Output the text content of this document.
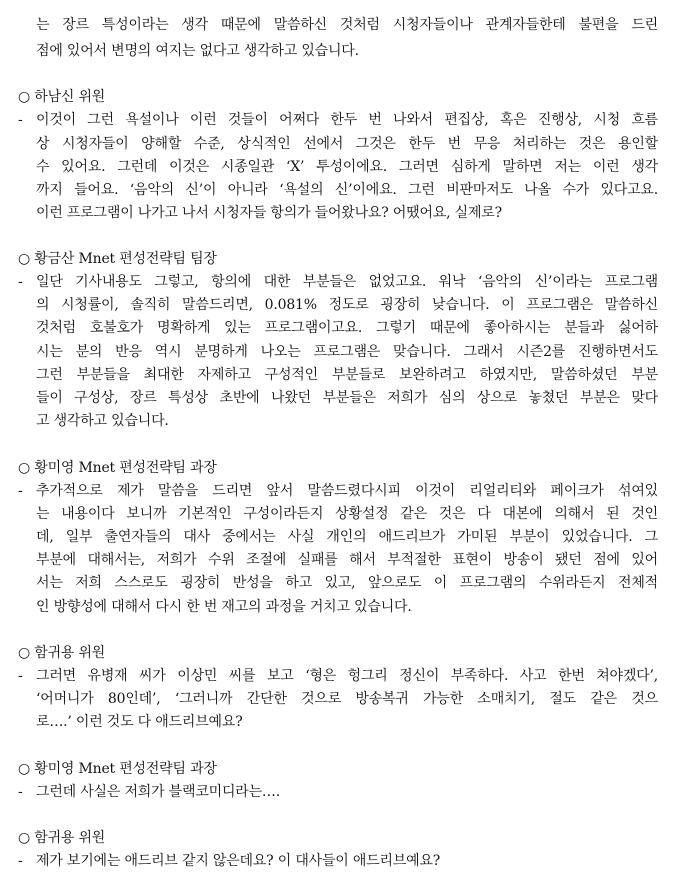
는 장르 특성이라는 생각 때문에 말씀하신 것처럼 시청자들이나 관계자들한테 불편을 드린
점에 있어서 변명의 여지는 없다고 생각하고 있습니다.
○ 하남신 위원
- 이것이 그런 욕설이나 이런 것들이 어쩌다 한두 번 나와서 편집상, 혹은 진행상, 시청 흐름
상 시청자들이 양해할 수준, 상식적인 선에서 그것은 한두 번 무응 처리하는 것은 용인할
수 있어요. 그런데 이것은 시종일관 ‘X’ 투성이에요. 그러면 심하게 말하면 저는 이런 생각
까지 들어요. ‘음악의 신’이 아니라 ‘욕설의 신’이에요. 그런 비판마저도 나올 수가 있다고요.
이런 프로그램이 나가고 나서 시청자들 항의가 들어왔나요? 어땠어요, 실제로?
○ 황금산 Mnet 편성전략팀 팀장
- 일단 기사내용도 그렇고, 항의에 대한 부분들은 없었고요. 워낙 ‘음악의 신’이라는 프로그램
의 시청률이, 솔직히 말씀드리면, 0.081% 정도로 굉장히 낮습니다. 이 프로그램은 말씀하신
것처럼 호불호가 명확하게 있는 프로그램이고요. 그렇기 때문에 좋아하시는 분들과 싫어하
시는 분의 반응 역시 분명하게 나오는 프로그램은 맞습니다. 그래서 시즌2를 진행하면서도
그런 부분들을 최대한 자제하고 구성적인 부분들로 보완하려고 하였지만, 말씀하셨던 부분
들이 구성상, 장르 특성상 초반에 나왔던 부분들은 저희가 심의 상으로 놓쳤던 부분은 맞다
고 생각하고 있습니다.
○ 황미영 Mnet 편성전략팀 과장
- 추가적으로 제가 말씀을 드리면 앞서 말씀드렸다시피 이것이 리얼리티와 페이크가 섞여있
는 내용이다 보니까 기본적인 구성이라든지 상황설정 같은 것은 다 대본에 의해서 된 것인
데, 일부 출연자들의 대사 중에서는 사실 개인의 애드리브가 가미된 부분이 있었습니다. 그
부분에 대해서는, 저희가 수위 조절에 실패를 해서 부적절한 표현이 방송이 됐던 점에 있어
서는 저희 스스로도 굉장히 반성을 하고 있고, 앞으로도 이 프로그램의 수위라든지 전체적
인 방향성에 대해서 다시 한 번 재고의 과정을 거치고 있습니다.
○ 함귀용 위원
- 그러면 유병재 씨가 이상민 씨를 보고 ‘형은 헝그리 정신이 부족하다. 사고 한번 쳐야겠다’,
‘어머니가 80인데’, ‘그러니까 간단한 것으로 방송복귀 가능한 소매치기, 절도 같은 것으
로….’ 이런 것도 다 애드리브예요?
○ 황미영 Mnet 편성전략팀 과장
- 그런데 사실은 저희가 블랙코미디라는….
○ 함귀용 위원
- 제가 보기에는 애드리브 같지 않은데요? 이 대사들이 애드리브예요?
